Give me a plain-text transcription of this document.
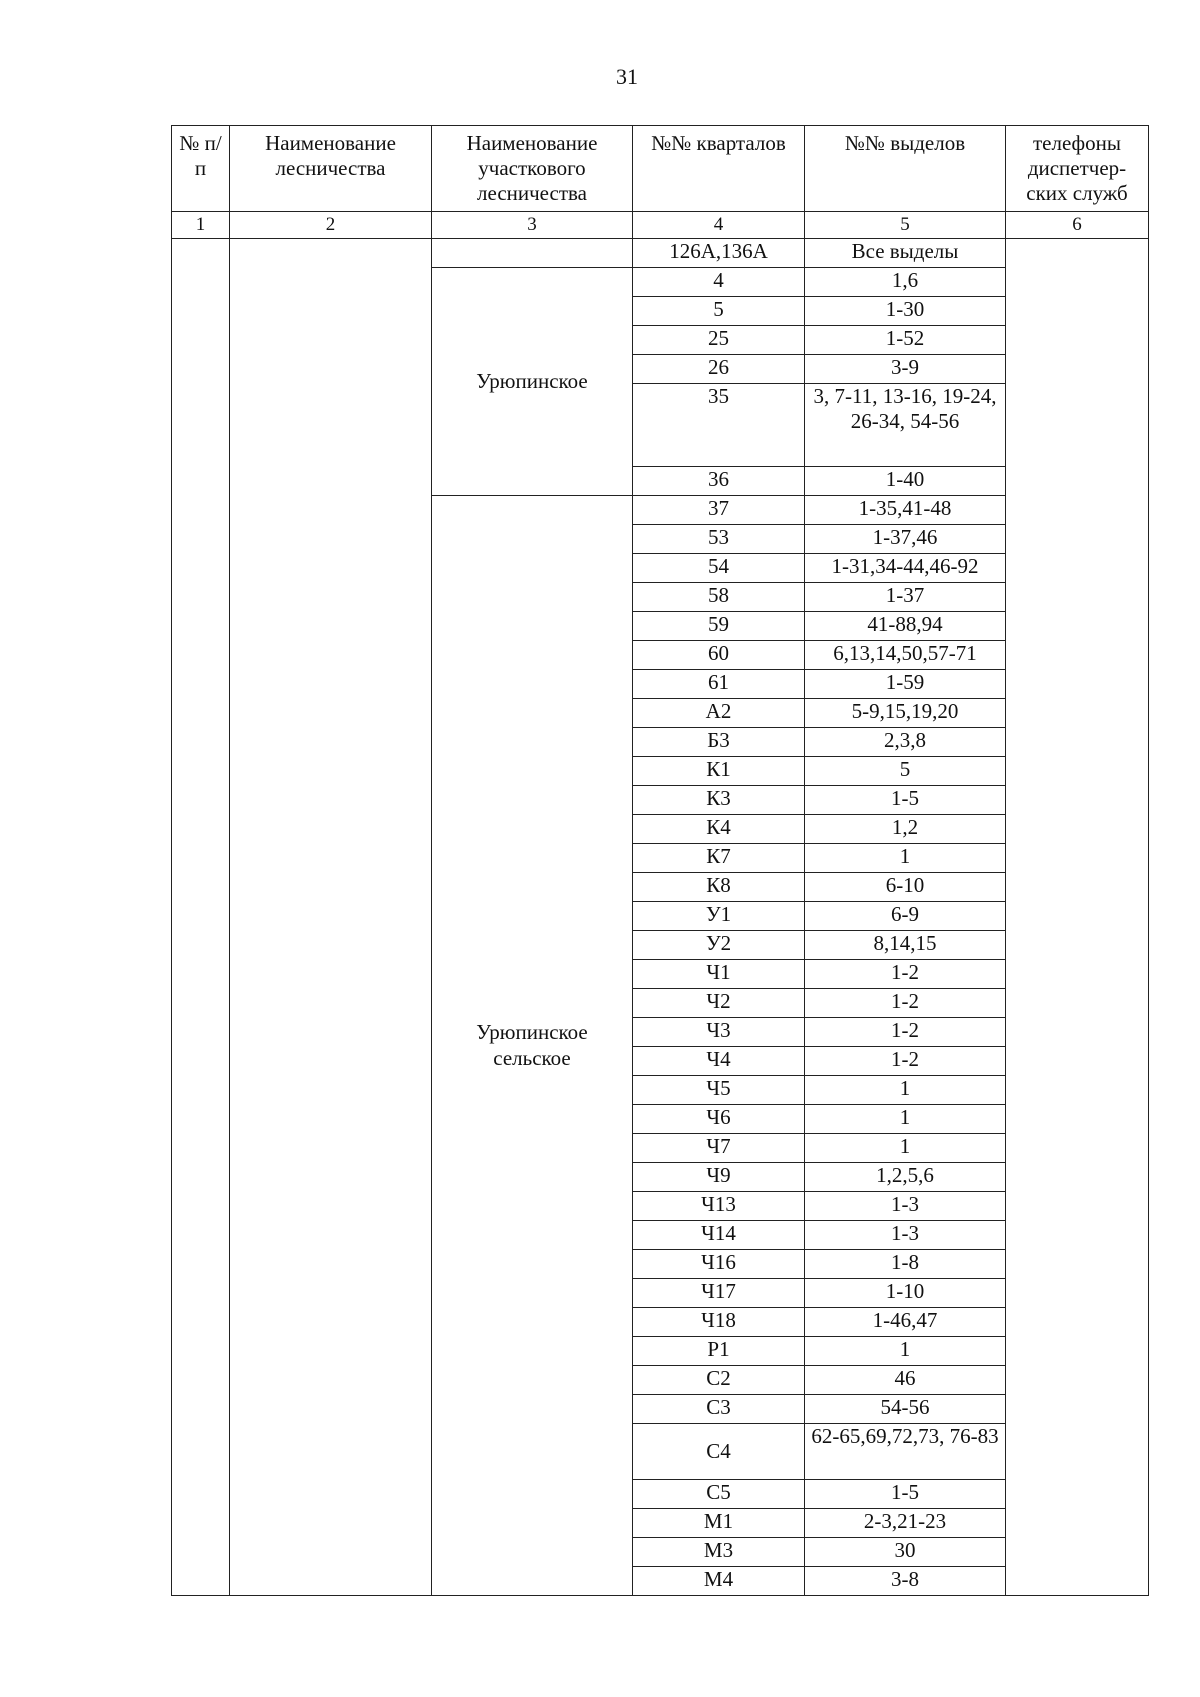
31
№ п/п	Наименование лесничества	Наименование участкового лесничества	№№ кварталов	№№ выделов	телефоны диспетчер-ских служб
1	2	3	4	5	6
			126А,136А	Все выделы	
		Урюпинское	4	1,6	
			5	1-30	
			25	1-52	
			26	3-9	
			35	3, 7-11, 13-16, 19-24, 26-34, 54-56	
			36	1-40	
		Урюпинское сельское	37	1-35,41-48	
			53	1-37,46	
			54	1-31,34-44,46-92	
			58	1-37	
			59	41-88,94	
			60	6,13,14,50,57-71	
			61	1-59	
			А2	5-9,15,19,20	
			Б3	2,3,8	
			К1	5	
			К3	1-5	
			К4	1,2	
			К7	1	
			К8	6-10	
			У1	6-9	
			У2	8,14,15	
			Ч1	1-2	
			Ч2	1-2	
			Ч3	1-2	
			Ч4	1-2	
			Ч5	1	
			Ч6	1	
			Ч7	1	
			Ч9	1,2,5,6	
			Ч13	1-3	
			Ч14	1-3	
			Ч16	1-8	
			Ч17	1-10	
			Ч18	1-46,47	
			Р1	1	
			С2	46	
			С3	54-56	
			С4	62-65,69,72,73, 76-83	
			С5	1-5	
			М1	2-3,21-23	
			М3	30	
			М4	3-8	
